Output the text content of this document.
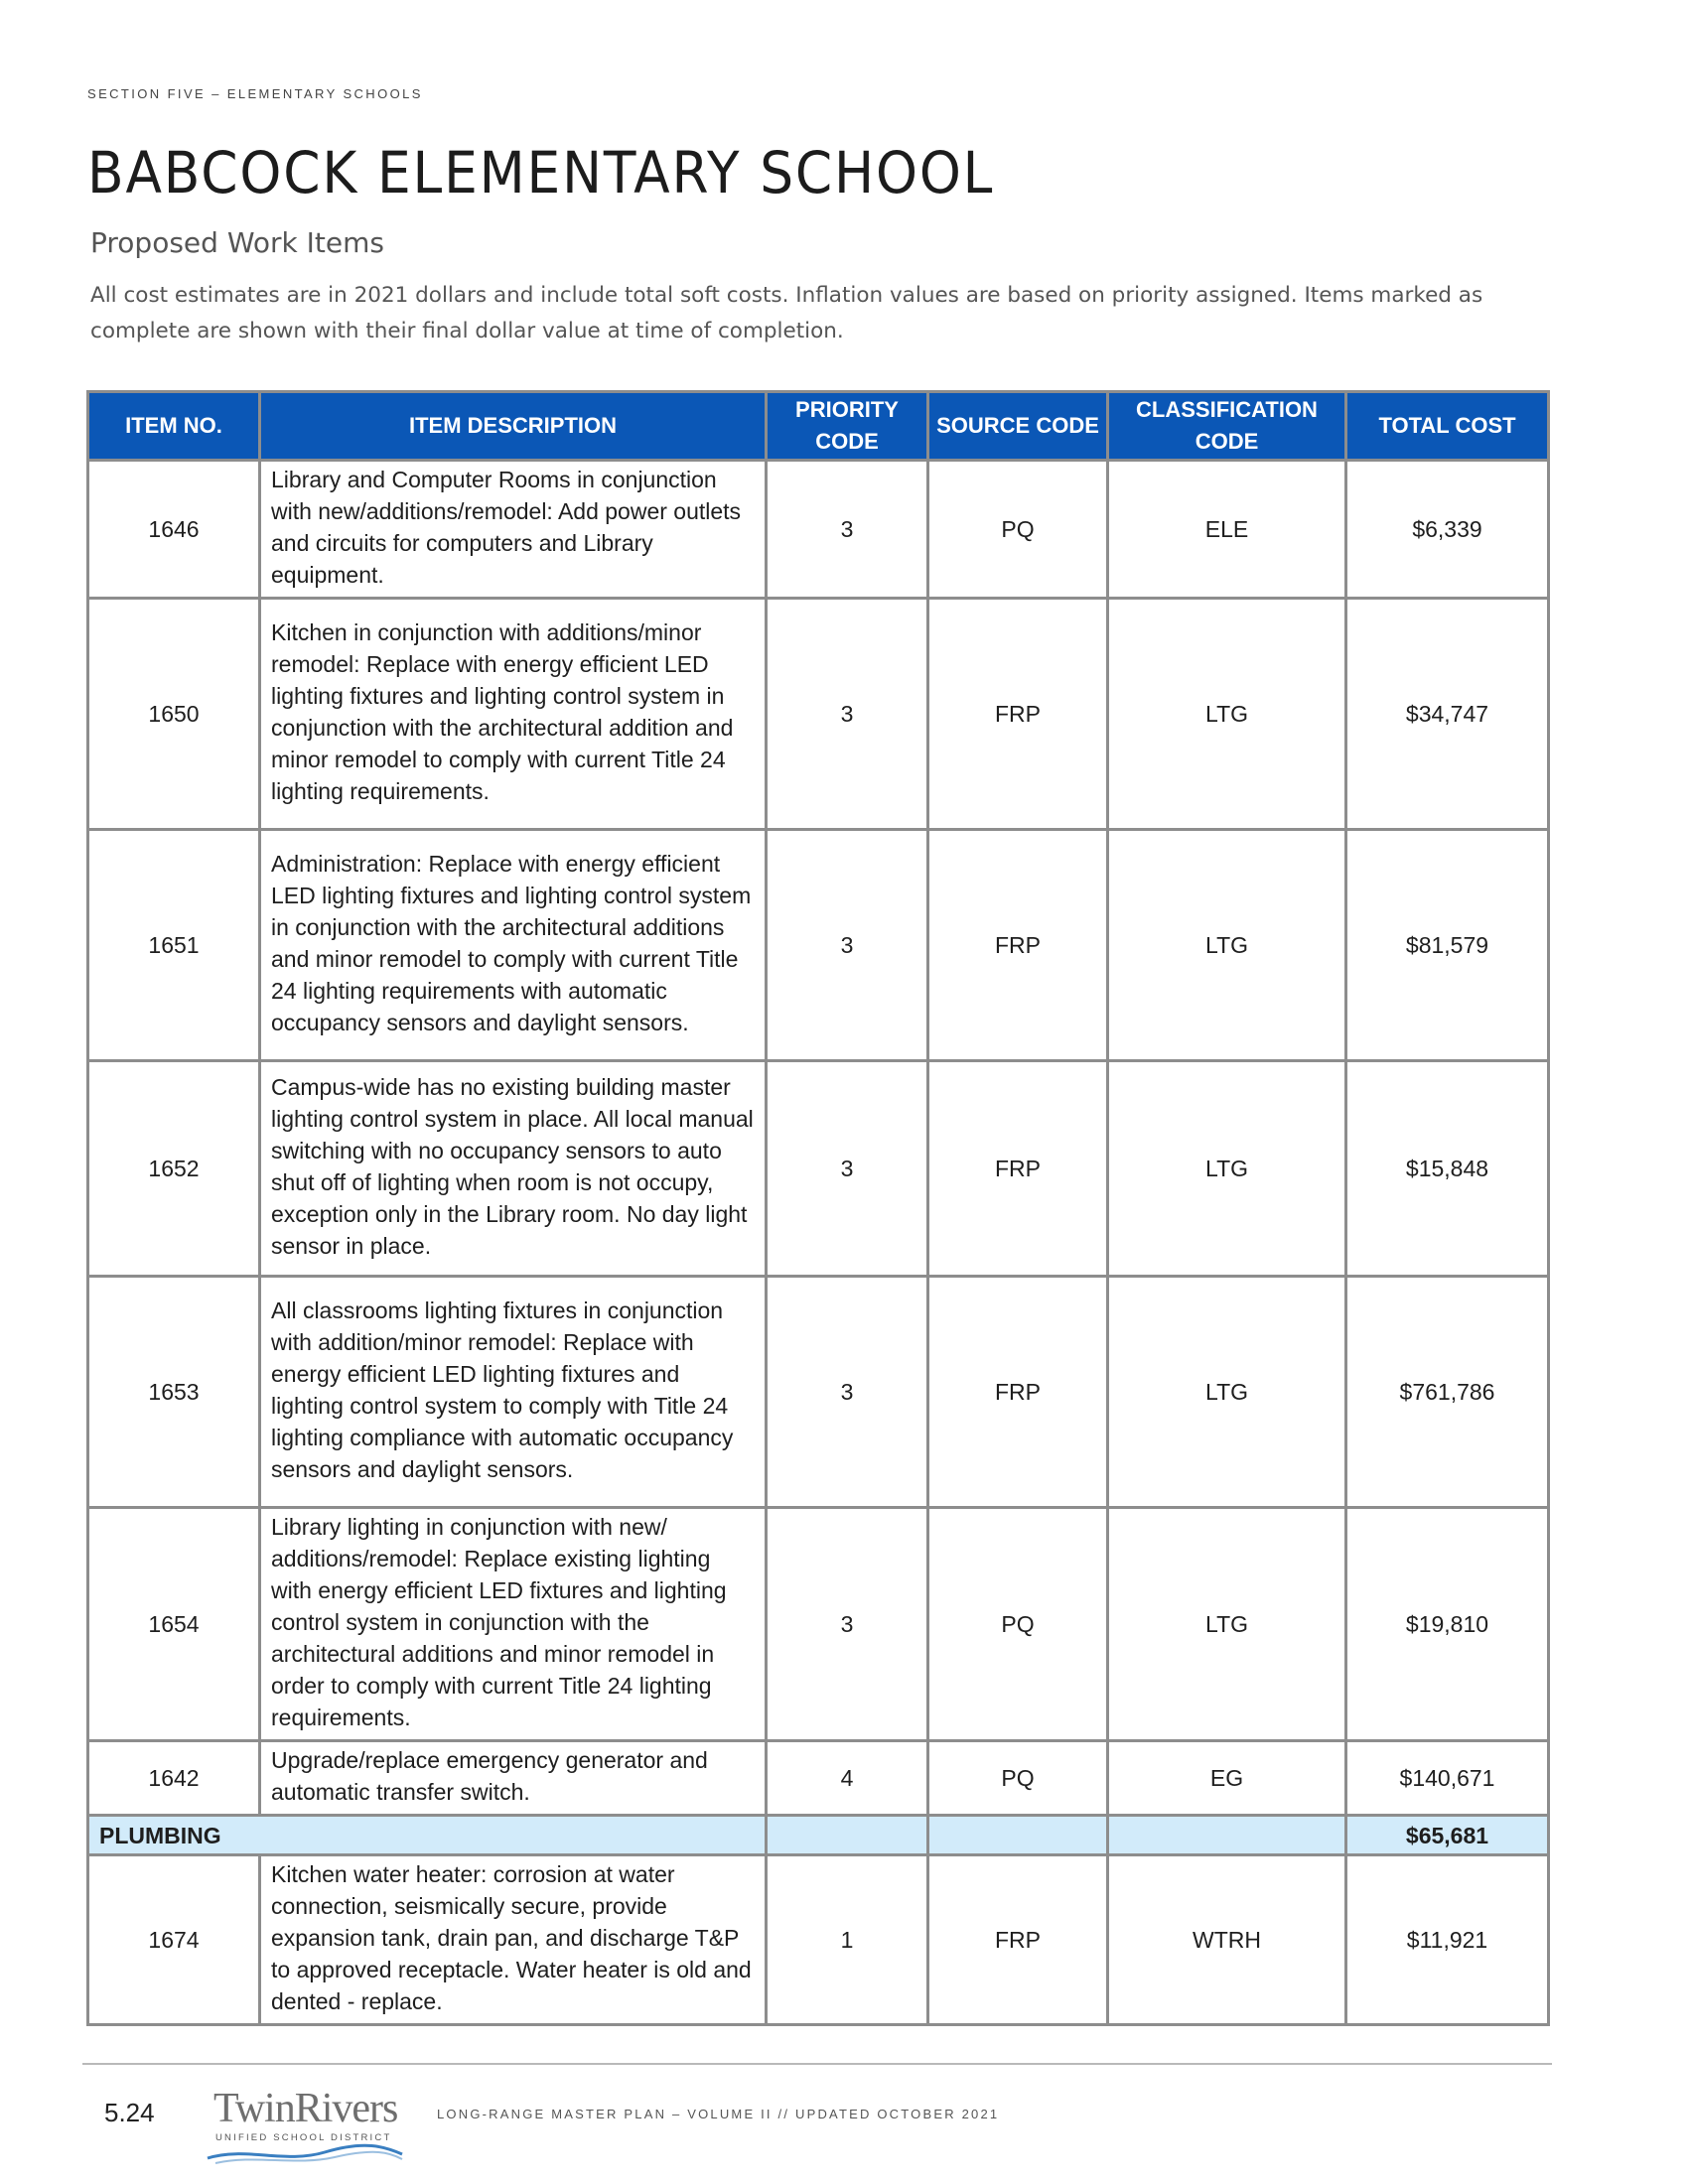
SECTION FIVE – ELEMENTARY SCHOOLS
BABCOCK ELEMENTARY SCHOOL
Proposed Work Items
All cost estimates are in 2021 dollars and include total soft costs. Inflation values are based on priority assigned. Items marked as complete are shown with their final dollar value at time of completion.
ITEM NO.	ITEM DESCRIPTION	PRIORITY CODE	SOURCE CODE	CLASSIFICATION CODE	TOTAL COST
1646	Library and Computer Rooms in conjunction with new/additions/remodel: Add power outlets and circuits for computers and Library equipment.	3	PQ	ELE	$6,339
1650	Kitchen in conjunction with additions/minor remodel: Replace with energy efficient LED lighting fixtures and lighting control system in conjunction with the architectural addition and minor remodel to comply with current Title 24 lighting requirements.	3	FRP	LTG	$34,747
1651	Administration: Replace with energy efficient LED lighting fixtures and lighting control system in conjunction with the architectural additions and minor remodel to comply with current Title 24 lighting requirements with automatic occupancy sensors and daylight sensors.	3	FRP	LTG	$81,579
1652	Campus-wide has no existing building master lighting control system in place. All local manual switching with no occupancy sensors to auto shut off of lighting when room is not occupy, exception only in the Library room. No day light sensor in place.	3	FRP	LTG	$15,848
1653	All classrooms lighting fixtures in conjunction with addition/minor remodel: Replace with energy efficient LED lighting fixtures and lighting control system to comply with Title 24 lighting compliance with automatic occupancy sensors and daylight sensors.	3	FRP	LTG	$761,786
1654	Library lighting in conjunction with new/ additions/remodel: Replace existing lighting with energy efficient LED fixtures and lighting control system in conjunction with the architectural additions and minor remodel in order to comply with current Title 24 lighting requirements.	3	PQ	LTG	$19,810
1642	Upgrade/replace emergency generator and automatic transfer switch.	4	PQ	EG	$140,671
PLUMBING					$65,681
1674	Kitchen water heater: corrosion at water connection, seismically secure, provide expansion tank, drain pan, and discharge T&P to approved receptacle. Water heater is old and dented - replace.	1	FRP	WTRH	$11,921
5.24 TwinRivers
UNIFIED SCHOOL DISTRICT
LONG-RANGE MASTER PLAN – VOLUME II // UPDATED OCTOBER 2021
